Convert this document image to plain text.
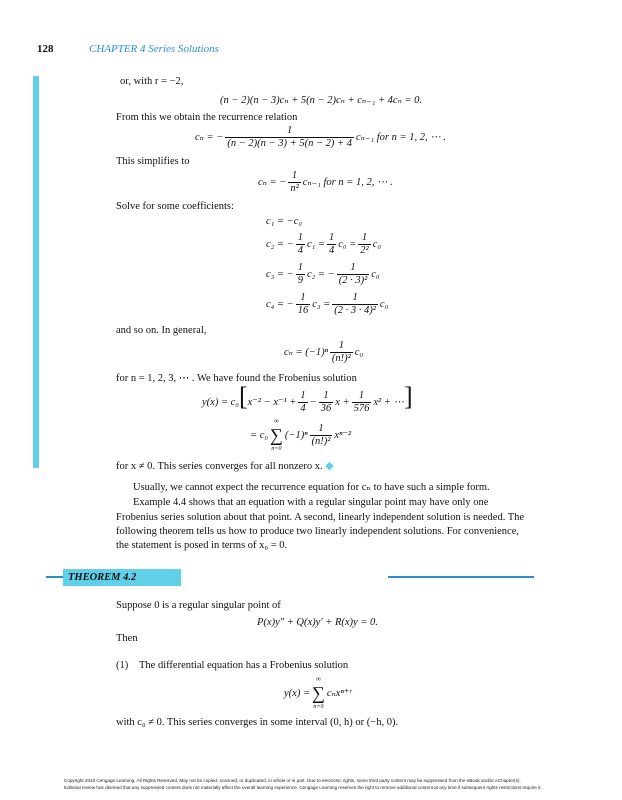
128	CHAPTER 4 Series Solutions
or, with r = −2,
(n − 2)(n − 3)cₙ + 5(n − 2)cₙ + cₙ₋₁ + 4cₙ = 0.
From this we obtain the recurrence relation
cₙ = − $\frac{1}{(n - 2)(n - 3) + 5(n - 2) + 4} c_{n-1}$ for n = 1, 2, ⋯ .
This simplifies to
cₙ = − $\frac{1}{\text{n²}} c_{n-1}$ for n = 1, 2, ⋯ .
Solve for some coefficients:
c₁ = −c₀
c₂ = − $\frac{1}{4} c_1 = \frac{1}{4} c_0 = \frac{1}{\text{2²}} c_0$
c₃ = − $\frac{1}{9} c_2$ = − $\frac{1}{\text{(2 · 3)²}} c_0$
c₄ = − $\frac{1}{16} c_3 = \frac{1}{\text{(2 · 3 · 4)²}} c_0$
and so on. In general,
$c_n = (-1)^n \frac{1}{\text{(n!)²}} c_0$
for n = 1, 2, 3, ⋯ . We have found the Frobenius solution
$y(x) = c_0[x^{-2} - x^{-1} + \frac{1}{4} - \frac{1}{36}$ $x + \frac{1}{576} x^2$ + ⋯]
= c₀
∞
∑
n=0
$(-1)^n \frac{1}{\text{(n!)²}} x^{n-2}$
for x ≠ 0. This series converges for all nonzero x. ◆
Usually, we cannot expect the recurrence equation for cₙ to have such a simple form.
Example 4.4 shows that an equation with a regular singular point may have only one
Frobenius series solution about that point. A second, linearly independent solution is needed. The
following theorem tells us how to produce two linearly independent solutions. For convenience,
the statement is posed in terms of x₀ = 0.
THEOREM 4.2
Suppose 0 is a regular singular point of
P(x)y″ + Q(x)y′ + R(x)y = 0.
Then
(1) The differential equation has a Frobenius solution
y(x) =
∞
∑
n=0
cₙxⁿ⁺ʳ
with c₀ ≠ 0. This series converges in some interval (0, h) or (−h, 0).
Copyright 2010 Cengage Learning. All Rights Reserved. May not be copied, scanned, or duplicated, in whole or in part. Due to electronic rights, some third party content may be suppressed from the eBook and/or eChapter(s).
Editorial review has deemed that any suppressed content does not materially affect the overall learning experience. Cengage Learning reserves the right to remove additional content at any time if subsequent rights restrictions require it.
